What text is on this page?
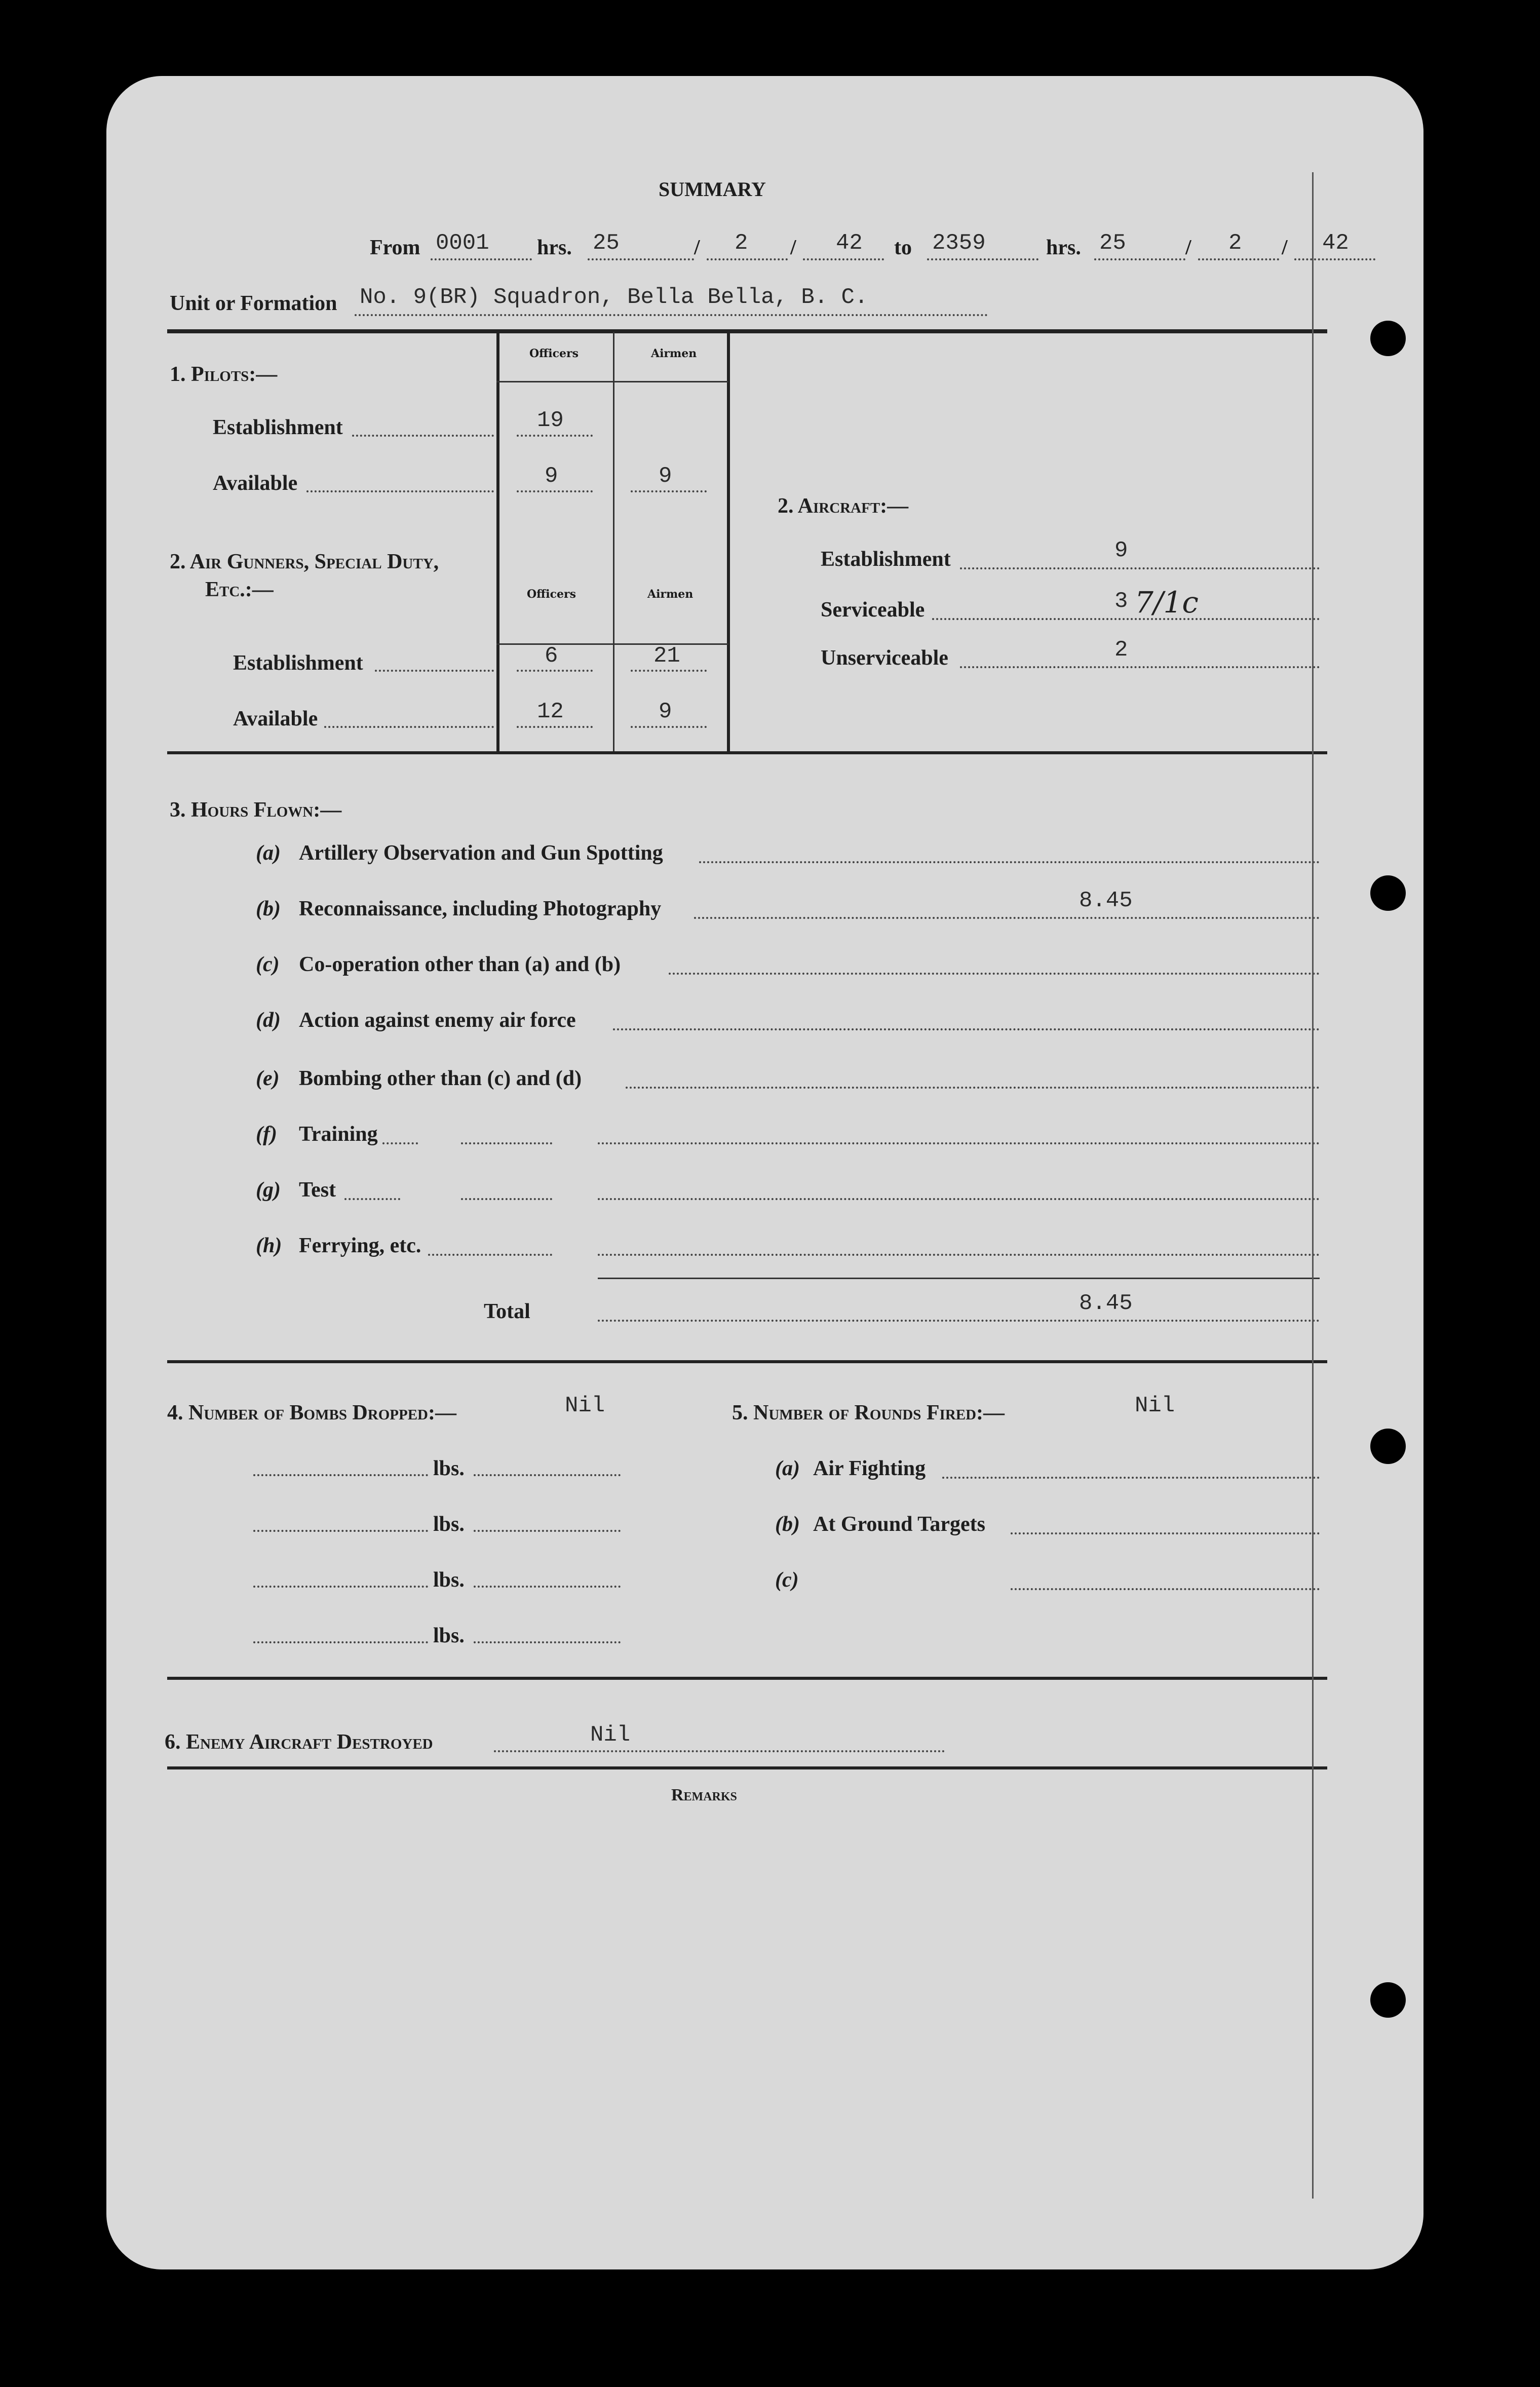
SUMMARY
From 0001 hrs. 25	/ 2 / 42 to 2359	hrs. 25	/ 2 / 42
Unit or Formation No. 9(BR) Squadron, Bella Bella, B. C.
Officers	Airmen
1. Pilots:—
Establishment	19
Available	9	9
2. Air Gunners, Special Duty,
Etc.:—	Officers	Airmen
Establishment	6	21
Available	12	9
2. Aircraft:—
Establishment	9
Serviceable	3 7/1c
Unserviceable	2
3. Hours Flown:—
(a) Artillery Observation and Gun Spotting
(b) Reconnaissance, including Photography	8.45
(c) Co-operation other than (a) and (b)
(d) Action against enemy air force
(e) Bombing other than (c) and (d)
(f) Training
(g) Test
(h) Ferrying, etc.
Total	8.45
4. Number of Bombs Dropped:—	Nil
lbs.
lbs.
lbs.
lbs.
5. Number of Rounds Fired:—	Nil
(a) Air Fighting
(b) At Ground Targets
(c)
6. Enemy Aircraft Destroyed	Nil
Remarks
